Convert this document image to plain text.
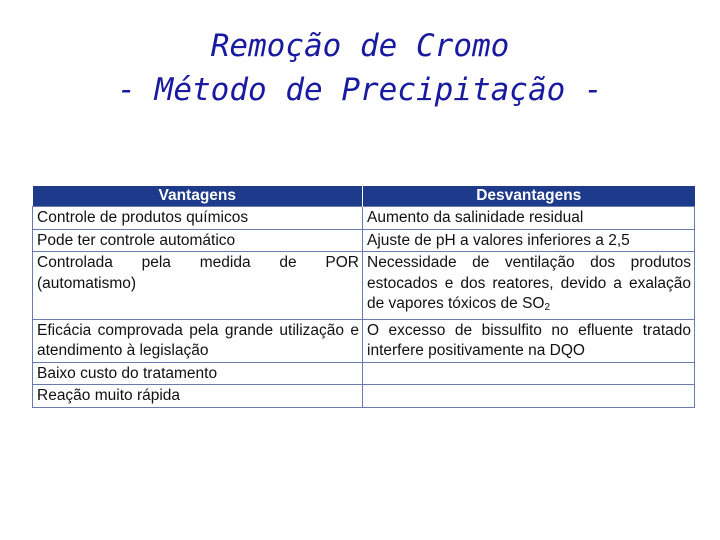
Remoção de Cromo
- Método de Precipitação -
Vantagens	Desvantagens
Controle de produtos químicos	Aumento da salinidade residual
Pode ter controle automático	Ajuste de pH a valores inferiores a 2,5
Controlada pela medida de POR (automatismo)	Necessidade de ventilação dos produtos estocados e dos reatores, devido a exalação de vapores tóxicos de $SO_2$
Eficácia comprovada pela grande utilização e atendimento à legislação	O excesso de bissulfito no efluente tratado interfere positivamente na DQO
Baixo custo do tratamento	
Reação muito rápida	
